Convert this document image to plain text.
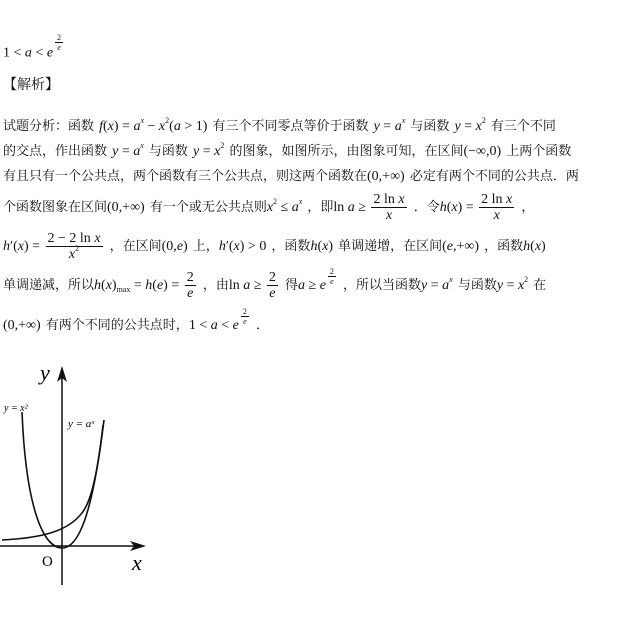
1 < a < e
$^{\frac{2}{e}}$
【解析】
试题分析：函数 $f(x) = a^x - x^2(a > 1)$ 有三个不同零点等价于函数 $y = a^x$ 与函数 $y = x^2$ 有三个不同
的交点，作出函数 $y = a^x$ 与函数 $y = x^2$ 的图象，如图所示，由图象可知，在区间(−∞,0) 上两个函数
有且只有一个公共点，两个函数有三个公共点，则这两个函数在(0,+∞) 必定有两个不同的公共点．两
个函数图象在区间(0,+∞) 有一个或无公共点则$x^2 \le a^x$ ，即$\ln a \ge \frac{\text{2 ln x}}{x}$ ．令$h(x) = \frac{\text{2 ln x}}{x}$ ，
$h'(x) = \frac{\text{2 − 2 ln x}}{x^2}$ ，在区间(0,e) 上，h′(x) > 0 ，函数h(x) 单调递增，在区间(e,+∞) ，函数h(x)
单调递减，所以$h(x)_{max} = h(e) = \frac{2}{e}$ ，由$\ln a \ge \frac{2}{e}$ 得a ≥ e $^{\frac{2}{e}}$ ，所以当函数$y = a^x$ 与函数$y = x^2$ 在
(0,+∞) 有两个不同的公共点时，1 < a < e $^{\frac{2}{e}}$ ．
y
x
O
y = x²
y = aˣ
